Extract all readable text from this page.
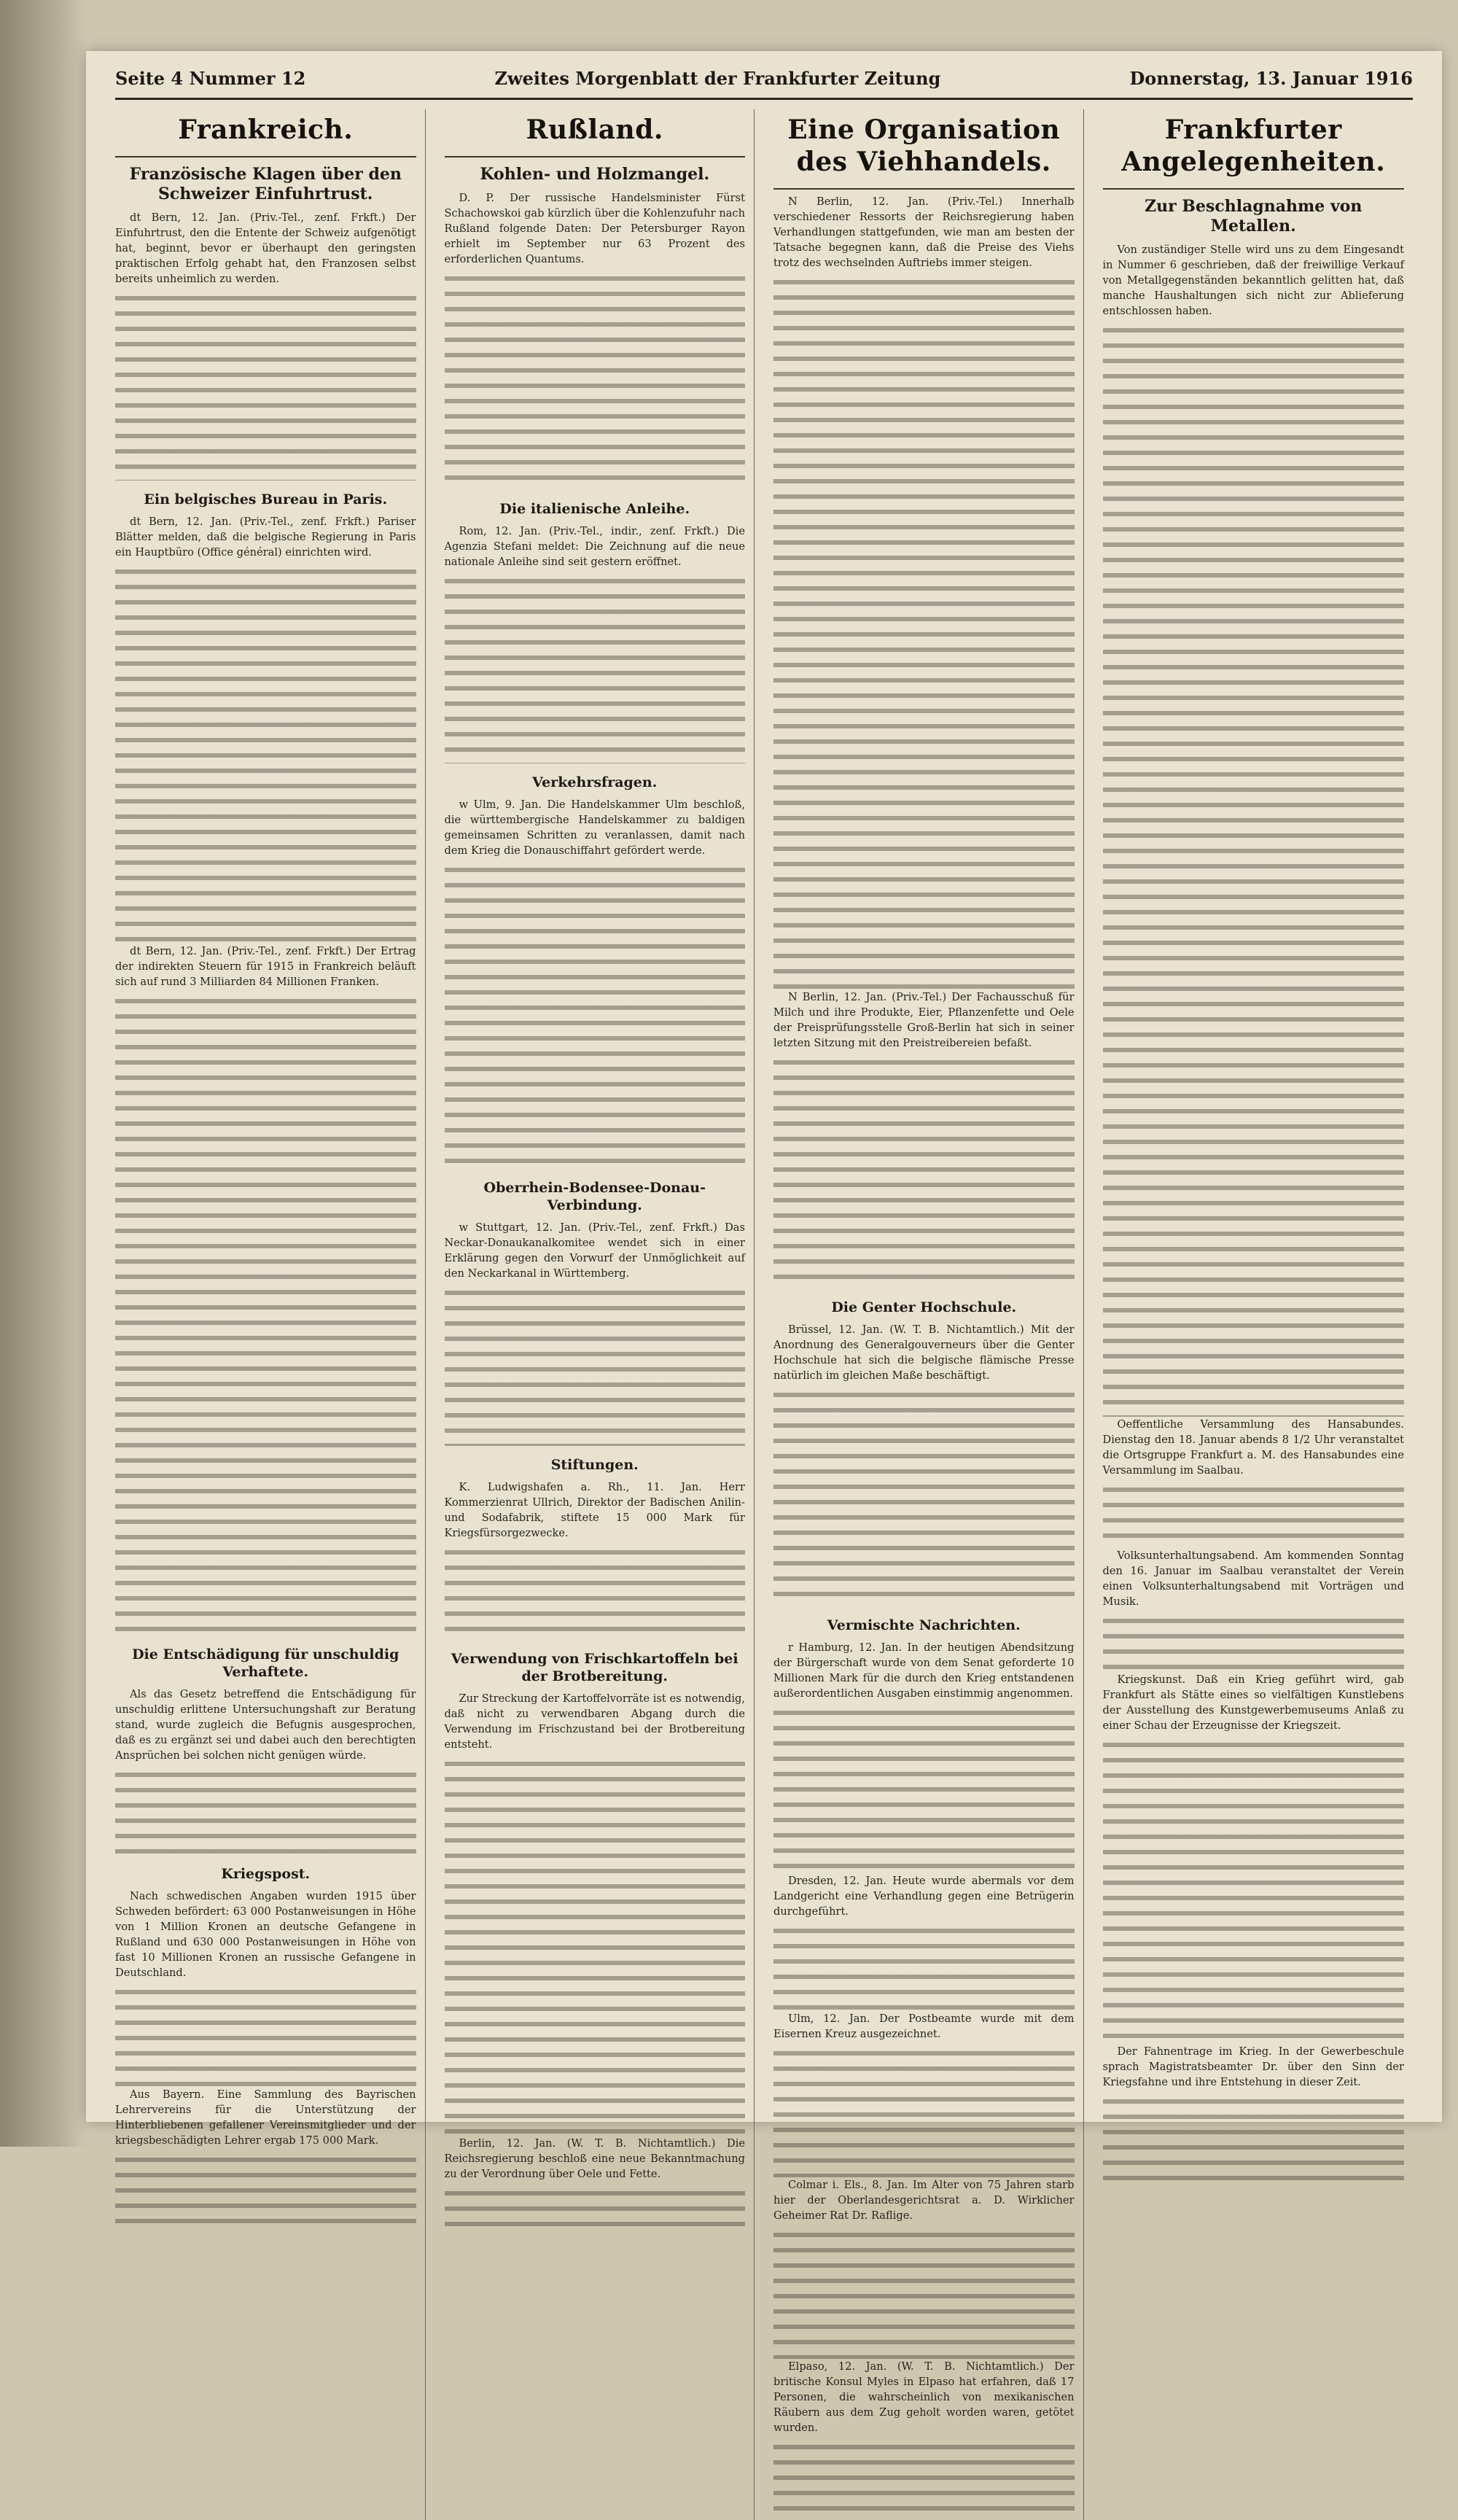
Seite 4 Nummer 12	Zweites Morgenblatt der Frankfurter Zeitung	Donnerstag, 13. Januar 1916
Frankreich.
Französische Klagen über den Schweizer Einfuhrtrust.
dt Bern, 12. Jan. (Priv.-Tel., zenf. Frkft.) Der Einfuhrtrust, den die Entente der Schweiz aufgenötigt hat, beginnt, bevor er überhaupt den geringsten praktischen Erfolg gehabt hat, den Franzosen selbst bereits unheimlich zu werden.
Ein belgisches Bureau in Paris.
dt Bern, 12. Jan. (Priv.-Tel., zenf. Frkft.) Pariser Blätter melden, daß die belgische Regierung in Paris ein Hauptbüro (Office général) einrichten wird.
dt Bern, 12. Jan. (Priv.-Tel., zenf. Frkft.) Der Ertrag der indirekten Steuern für 1915 in Frankreich beläuft sich auf rund 3 Milliarden 84 Millionen Franken.
Die Entschädigung für unschuldig Verhaftete.
Als das Gesetz betreffend die Entschädigung für unschuldig erlittene Untersuchungshaft zur Beratung stand, wurde zugleich die Befugnis ausgesprochen, daß es zu ergänzt sei und dabei auch den berechtigten Ansprüchen bei solchen nicht genügen würde.
Kriegspost.
Nach schwedischen Angaben wurden 1915 über Schweden befördert: 63 000 Postanweisungen in Höhe von 1 Million Kronen an deutsche Gefangene in Rußland und 630 000 Postanweisungen in Höhe von fast 10 Millionen Kronen an russische Gefangene in Deutschland.
Aus Bayern. Eine Sammlung des Bayrischen Lehrervereins für die Unterstützung der Hinterbliebenen gefallener Vereinsmitglieder und der kriegsbeschädigten Lehrer ergab 175 000 Mark.
Rußland.
Kohlen- und Holzmangel.
D. P. Der russische Handelsminister Fürst Schachowskoi gab kürzlich über die Kohlenzufuhr nach Rußland folgende Daten: Der Petersburger Rayon erhielt im September nur 63 Prozent des erforderlichen Quantums.
Die italienische Anleihe.
Rom, 12. Jan. (Priv.-Tel., indir., zenf. Frkft.) Die Agenzia Stefani meldet: Die Zeichnung auf die neue nationale Anleihe sind seit gestern eröffnet.
Verkehrsfragen.
w Ulm, 9. Jan. Die Handelskammer Ulm beschloß, die württembergische Handelskammer zu baldigen gemeinsamen Schritten zu veranlassen, damit nach dem Krieg die Donauschiffahrt gefördert werde.
Oberrhein-Bodensee-Donau-Verbindung.
w Stuttgart, 12. Jan. (Priv.-Tel., zenf. Frkft.) Das Neckar-Donaukanalkomitee wendet sich in einer Erklärung gegen den Vorwurf der Unmöglichkeit auf den Neckarkanal in Württemberg.
Stiftungen.
K. Ludwigshafen a. Rh., 11. Jan. Herr Kommerzienrat Ullrich, Direktor der Badischen Anilin- und Sodafabrik, stiftete 15 000 Mark für Kriegsfürsorgezwecke.
Verwendung von Frischkartoffeln bei der Brotbereitung.
Zur Streckung der Kartoffelvorräte ist es notwendig, daß nicht zu verwendbaren Abgang durch die Verwendung im Frischzustand bei der Brotbereitung entsteht.
Berlin, 12. Jan. (W. T. B. Nichtamtlich.) Die Reichsregierung beschloß eine neue Bekanntmachung zu der Verordnung über Oele und Fette.
Eine Organisation des Viehhandels.
N Berlin, 12. Jan. (Priv.-Tel.) Innerhalb verschiedener Ressorts der Reichsregierung haben Verhandlungen stattgefunden, wie man am besten der Tatsache begegnen kann, daß die Preise des Viehs trotz des wechselnden Auftriebs immer steigen.
N Berlin, 12. Jan. (Priv.-Tel.) Der Fachausschuß für Milch und ihre Produkte, Eier, Pflanzenfette und Oele der Preisprüfungsstelle Groß-Berlin hat sich in seiner letzten Sitzung mit den Preistreibereien befaßt.
Die Genter Hochschule.
Brüssel, 12. Jan. (W. T. B. Nichtamtlich.) Mit der Anordnung des Generalgouverneurs über die Genter Hochschule hat sich die belgische flämische Presse natürlich im gleichen Maße beschäftigt.
Vermischte Nachrichten.
r Hamburg, 12. Jan. In der heutigen Abendsitzung der Bürgerschaft wurde von dem Senat geforderte 10 Millionen Mark für die durch den Krieg entstandenen außerordentlichen Ausgaben einstimmig angenommen.
Dresden, 12. Jan. Heute wurde abermals vor dem Landgericht eine Verhandlung gegen eine Betrügerin durchgeführt.
Ulm, 12. Jan. Der Postbeamte wurde mit dem Eisernen Kreuz ausgezeichnet.
Colmar i. Els., 8. Jan. Im Alter von 75 Jahren starb hier der Oberlandesgerichtsrat a. D. Wirklicher Geheimer Rat Dr. Raflige.
Elpaso, 12. Jan. (W. T. B. Nichtamtlich.) Der britische Konsul Myles in Elpaso hat erfahren, daß 17 Personen, die wahrscheinlich von mexikanischen Räubern aus dem Zug geholt worden waren, getötet wurden.
Frankfurter Angelegenheiten.
Zur Beschlagnahme von Metallen.
Von zuständiger Stelle wird uns zu dem Eingesandt in Nummer 6 geschrieben, daß der freiwillige Verkauf von Metallgegenständen bekanntlich gelitten hat, daß manche Haushaltungen sich nicht zur Ablieferung entschlossen haben.
Oeffentliche Versammlung des Hansabundes. Dienstag den 18. Januar abends 8 1/2 Uhr veranstaltet die Ortsgruppe Frankfurt a. M. des Hansabundes eine Versammlung im Saalbau.
Volksunterhaltungsabend. Am kommenden Sonntag den 16. Januar im Saalbau veranstaltet der Verein einen Volksunterhaltungsabend mit Vorträgen und Musik.
Kriegskunst. Daß ein Krieg geführt wird, gab Frankfurt als Stätte eines so vielfältigen Kunstlebens der Ausstellung des Kunstgewerbemuseums Anlaß zu einer Schau der Erzeugnisse der Kriegszeit.
Der Fahnentrage im Krieg. In der Gewerbeschule sprach Magistratsbeamter Dr. über den Sinn der Kriegsfahne und ihre Entstehung in dieser Zeit.
